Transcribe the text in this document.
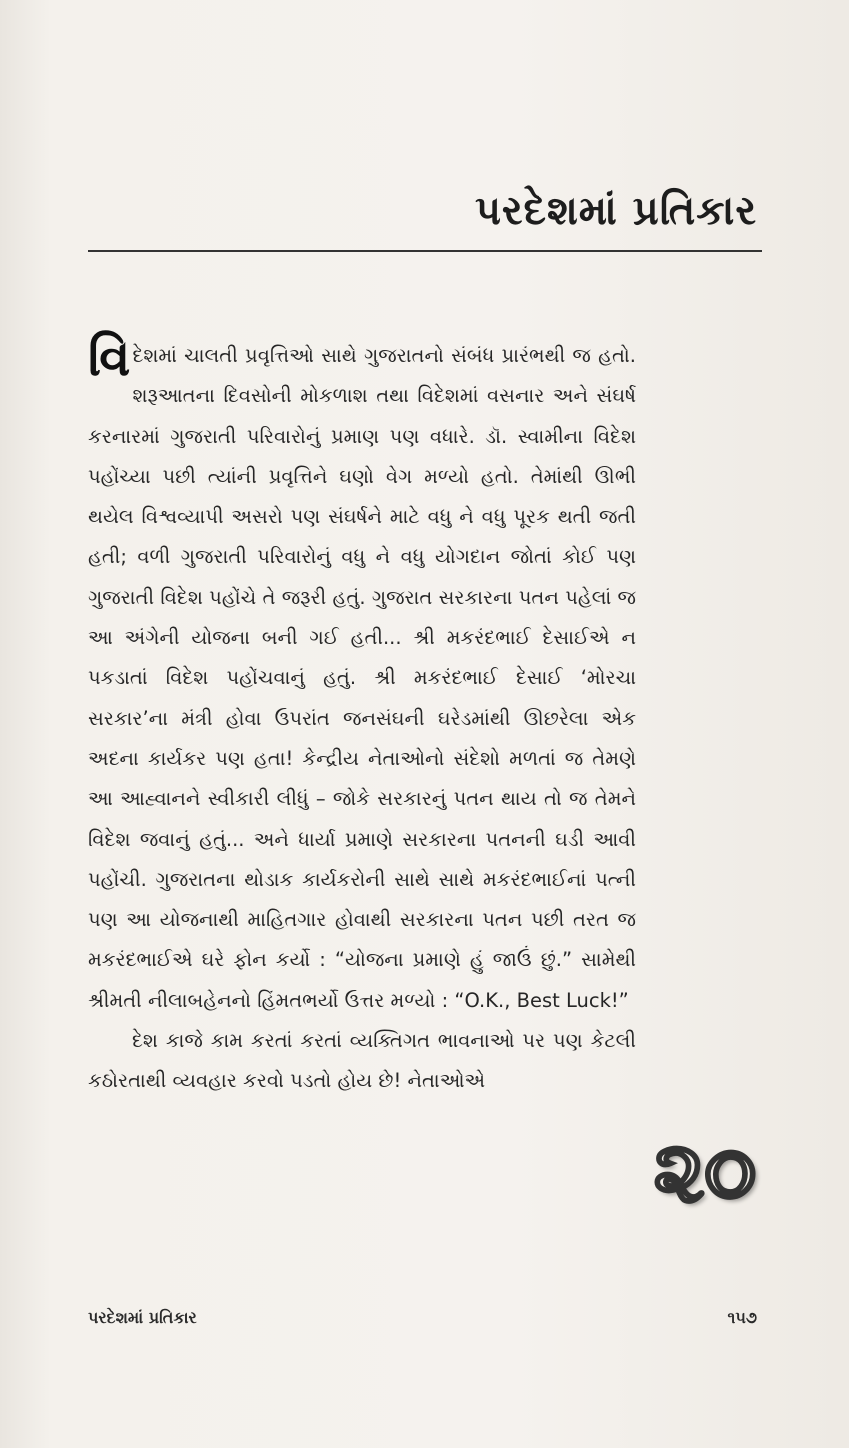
પરદેશમાં પ્રતિકાર

વિદેશમાં ચાલતી પ્રવૃત્તિઓ સાથે ગુજરાતનો સંબંધ પ્રારંભથી જ હતો. શરૂઆતના દિવસોની મોકળાશ તથા વિદેશમાં વસનાર અને સંઘર્ષ કરનારમાં ગુજરાતી પરિવારોનું પ્રમાણ પણ વધારે. ડૉ. સ્વામીના વિદેશ પહોંચ્યા પછી ત્યાંની પ્રવૃત્તિને ઘણો વેગ મળ્યો હતો. તેમાંથી ઊભી થયેલ વિશ્વવ્યાપી અસરો પણ સંઘર્ષને માટે વધુ ને વધુ પૂરક થતી જતી હતી; વળી ગુજરાતી પરિવારોનું વધુ ને વધુ યોગદાન જોતાં કોઈ પણ ગુજરાતી વિદેશ પહોંચે તે જરૂરી હતું. ગુજરાત સરકારના પતન પહેલાં જ આ અંગેની યોજના બની ગઈ હતી... શ્રી મકરંદભાઈ દેસાઈએ ન પકડાતાં વિદેશ પહોંચવાનું હતું. શ્રી મકરંદભાઈ દેસાઈ ‘મોરચા સરકાર’ના મંત્રી હોવા ઉપરાંત જનસંઘની ઘરેડમાંથી ઊછરેલા એક અદના કાર્યકર પણ હતા! કેન્દ્રીય નેતાઓનો સંદેશો મળતાં જ તેમણે આ આહ્વાનને સ્વીકારી લીધું – જોકે સરકારનું પતન થાય તો જ તેમને વિદેશ જવાનું હતું... અને ધાર્યા પ્રમાણે સરકારના પતનની ઘડી આવી પહોંચી. ગુજરાતના થોડાક કાર્યકરોની સાથે સાથે મકરંદભાઈનાં પત્ની પણ આ યોજનાથી માહિતગાર હોવાથી સરકારના પતન પછી તરત જ મકરંદભાઈએ ઘરે ફોન કર્યો : “યોજના પ્રમાણે હું જાઉં છું.” સામેથી શ્રીમતી નીલાબહેનનો હિંમતભર્યો ઉત્તર મળ્યો : “O.K., Best Luck!”

દેશ કાજે કામ કરતાં કરતાં વ્યક્તિગત ભાવનાઓ પર પણ કેટલી કઠોરતાથી વ્યવહાર કરવો પડતો હોય છે! નેતાઓએ

૨૦
પરદેશમાં પ્રતિકાર	૧૫૭
